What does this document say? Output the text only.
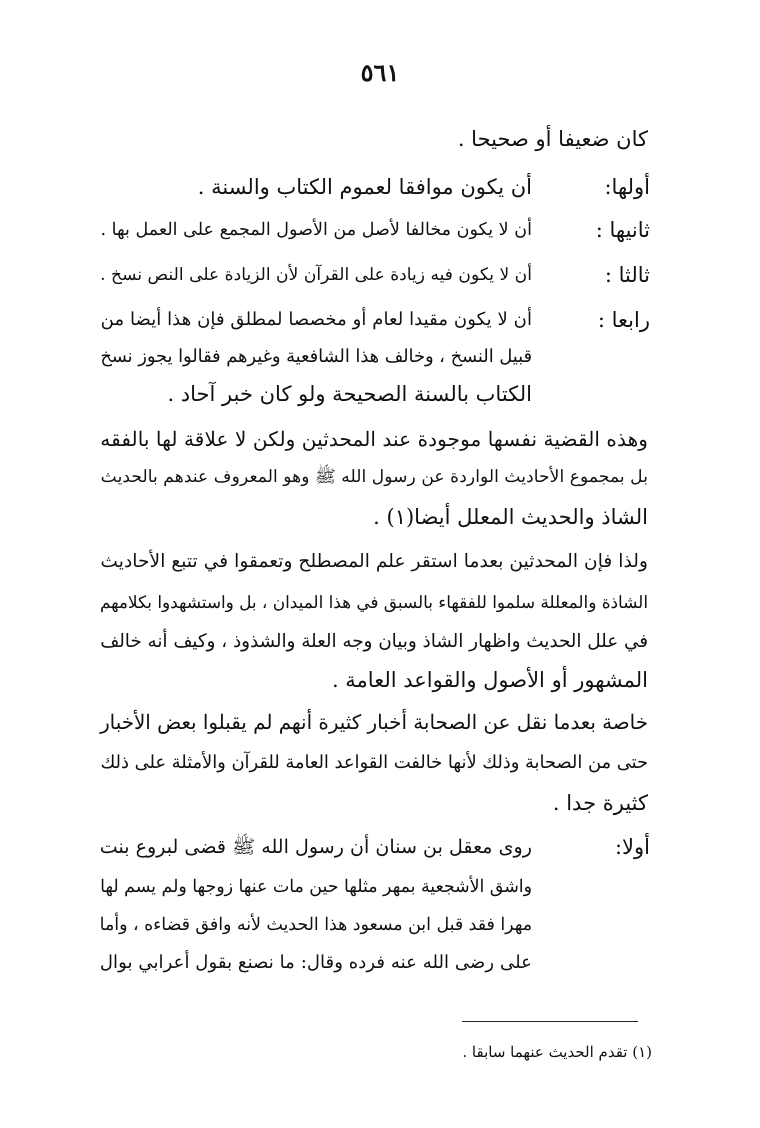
٥٦١
كان ضعيفا أو صحيحا .
أولها:
أن يكون موافقا لعموم الكتاب والسنة .
ثانيها :
أن لا يكون مخالفا لأصل من الأصول المجمع على العمل بها .
ثالثا :
أن لا يكون فيه زيادة على القرآن لأن الزيادة على النص نسخ .
رابعا :
أن لا يكون مقيدا لعام أو مخصصا لمطلق فإن هذا أيضا من
قبيل النسخ ، وخالف هذا الشافعية وغيرهم فقالوا يجوز نسخ
الكتاب بالسنة الصحيحة ولو كان خبر آحاد .
وهذه القضية نفسها موجودة عند المحدثين ولكن لا علاقة لها بالفقه
بل بمجموع الأحاديث الواردة عن رسول الله ﷺ وهو المعروف عندهم بالحديث
الشاذ والحديث المعلل أيضا(١) .
ولذا فإن المحدثين بعدما استقر علم المصطلح وتعمقوا في تتبع الأحاديث
الشاذة والمعللة سلموا للفقهاء بالسبق في هذا الميدان ، بل واستشهدوا بكلامهم
في علل الحديث واظهار الشاذ وبيان وجه العلة والشذوذ ، وكيف أنه خالف
المشهور أو الأصول والقواعد العامة .
خاصة بعدما نقل عن الصحابة أخبار كثيرة أنهم لم يقبلوا بعض الأخبار
حتى من الصحابة وذلك لأنها خالفت القواعد العامة للقرآن والأمثلة على ذلك
كثيرة جدا .
أولا:
روى معقل بن سنان أن رسول الله ﷺ قضى لبروع بنت
واشق الأشجعية بمهر مثلها حين مات عنها زوجها ولم يسم لها
مهرا فقد قبل ابن مسعود هذا الحديث لأنه وافق قضاءه ، وأما
على رضى الله عنه فرده وقال: ما نصنع بقول أعرابي بوال
(١) تقدم الحديث عنهما سابقا .
